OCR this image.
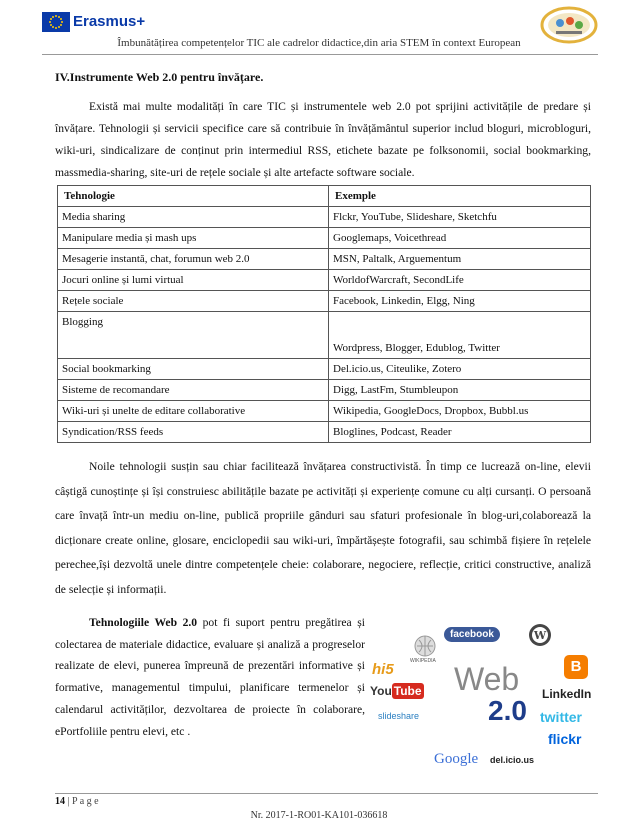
Erasmus+
Îmbunătățirea competențelor TIC ale cadrelor didactice,din aria STEM în context European
IV.Instrumente Web 2.0 pentru învățare.
Există mai multe modalități în care TIC și instrumentele web 2.0 pot sprijini activitățile de predare și învățare. Tehnologii și servicii specifice care să contribuie în învățământul superior includ bloguri, microbloguri, wiki-uri, sindicalizare de conținut prin intermediul RSS, etichete bazate pe folksonomii, social bookmarking, massmedia-sharing, site-uri de rețele sociale și alte artefacte software sociale.
Tehnologie	Exemple
Media sharing	Flckr, YouTube, Slideshare, Sketchfu
Manipulare media și mash ups	Googlemaps, Voicethread
Mesagerie instantă, chat, forumun web 2.0	MSN, Paltalk, Arguementum
Jocuri online și lumi virtual	WorldofWarcraft, SecondLife
Rețele sociale	Facebook, Linkedin, Elgg, Ning
Blogging	Wordpress, Blogger, Edublog, Twitter
Social bookmarking	Del.icio.us, Citeulike, Zotero
Sisteme de recomandare	Digg, LastFm, Stumbleupon
Wiki-uri și unelte de editare collaborative	Wikipedia, GoogleDocs, Dropbox, Bubbl.us
Syndication/RSS feeds	Bloglines, Podcast, Reader
Noile tehnologii susțin sau chiar facilitează învățarea constructivistă. În timp ce lucrează on-line, elevii câștigă cunoștințe și își construiesc abilitățile bazate pe activități și experiențe comune cu alți cursanți. O persoană care învață într-un mediu on-line, publică propriile gânduri sau sfaturi profesionale în blog-uri,colaborează la dicționare create online, glosare, enciclopedii sau wiki-uri, împărtășește fotografii, sau schimbă fișiere în rețelele perechee,își dezvoltă unele dintre competențele cheie: colaborare, negociere, reflecție, critici constructive, analiză de selecție și informații.
Tehnologiile Web 2.0 pot fi suport pentru pregătirea și colectarea de materiale didactice, evaluare și analiză a progreselor realizate de elevi, punerea împreună de prezentări informative și formative, managementul timpului, planificare termenelor și calendarul activităților, dezvoltarea de proiecte în colaborare, ePortfoliile pentru elevi, etc .
facebook	W
WIKIPEDIA
hi5	B
You Tube Web
2.0
LinkedIn
slideshare	twitter
flickr
Google del.icio.us
14 | P a g e
Nr. 2017-1-RO01-KA101-036618
